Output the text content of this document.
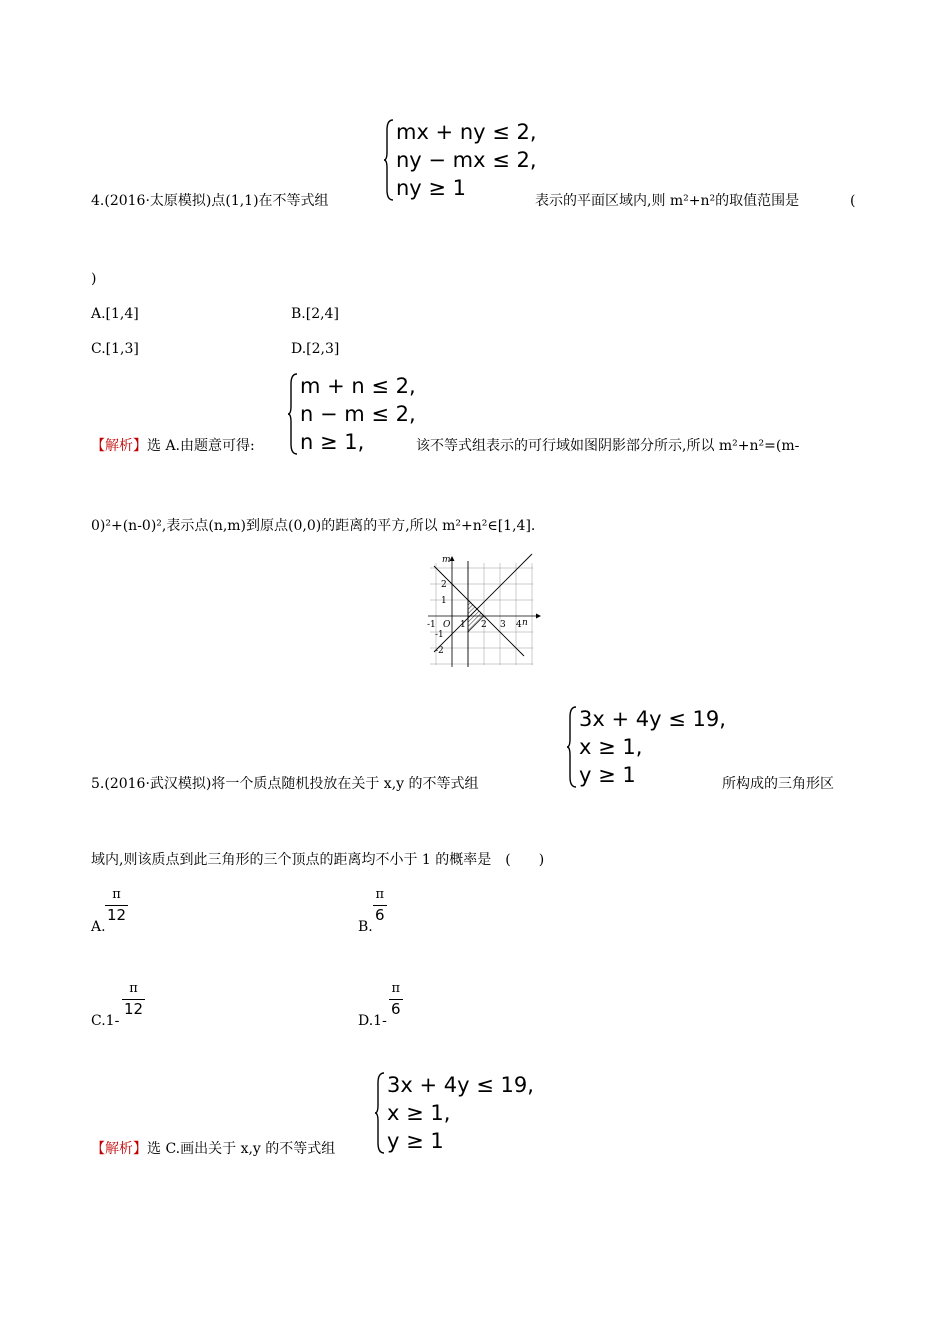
mx + ny ≤ 2,
ny − mx ≤ 2,
ny ≥ 1
4.(2016·太原模拟)点(1,1)在不等式组	表示的平面区域内,则 m²+n²的取值范围是	(
)
A.[1,4]	B.[2,4]
C.[1,3]	D.[2,3]
m + n ≤ 2,
n − m ≤ 2,
n ≥ 1,
【解析】选 A.由题意可得:	该不等式组表示的可行域如图阴影部分所示,所以 m²+n²=(m-
0)²+(n-0)²,表示点(n,m)到原点(0,0)的距离的平方,所以 m²+n²∈[1,4].
m
n
O
-1	1 2 3 4
2
1
-1
-2
3x + 4y ≤ 19,
x ≥ 1,
y ≥ 1
5.(2016·武汉模拟)将一个质点随机投放在关于 x,y 的不等式组	所构成的三角形区
域内,则该质点到此三角形的三个顶点的距离均不小于 1 的概率是　(　　)
A.
π
12
B.
π
6
C.1-
π
12
D.1-
π
6
3x + 4y ≤ 19,
x ≥ 1,
y ≥ 1
【解析】选 C.画出关于 x,y 的不等式组
